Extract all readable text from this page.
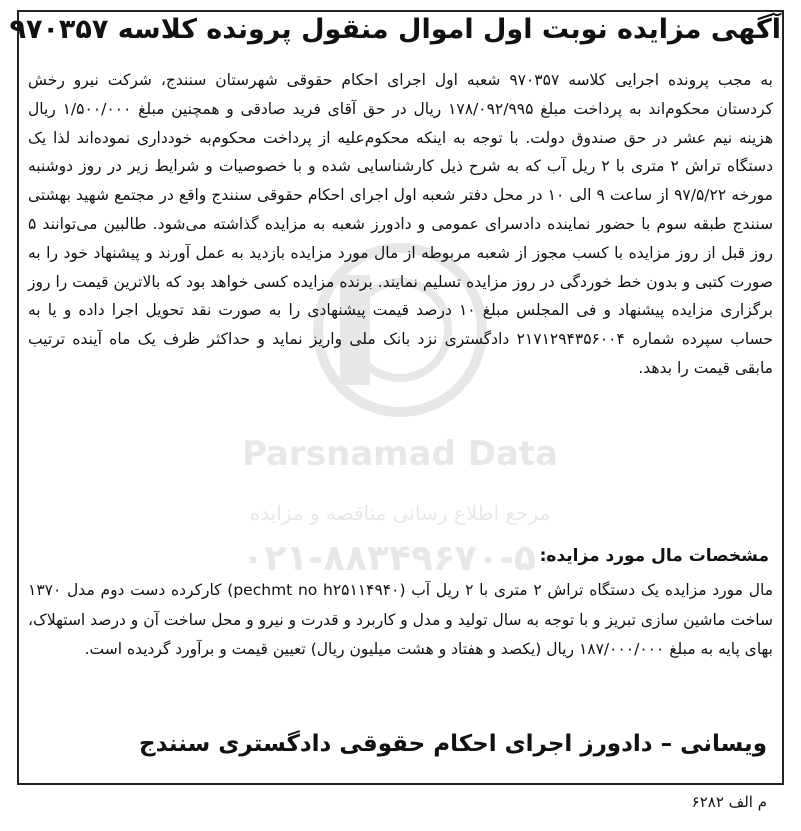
Parsnamad Data
مرجع اطلاع رسانی مناقصه و مزایده
۰۲۱-۸۸۳۴۹۶۷۰-۵۰
آگهی مزایده نوبت اول اموال منقول پرونده کلاسه ۹۷۰۳۵۷

به مجب پرونده اجرایی کلاسه ۹۷۰۳۵۷ شعبه اول اجرای احکام حقوقی شهرستان سنندج، شرکت نیرو رخش کردستان محکوم‌اند به پرداخت مبلغ ۱۷۸/۰۹۲/۹۹۵ ریال در حق آقای فرید صادقی و همچنین مبلغ ۱/۵۰۰/۰۰۰ ریال هزینه نیم عشر در حق صندوق دولت. با توجه به اینکه محکوم‌علیه از پرداخت محکوم‌به خودداری نموده‌اند لذا یک دستگاه تراش ۲ متری با ۲ ریل آب که به شرح ذیل کارشناسایی شده و با خصوصیات و شرایط زیر در روز دوشنبه مورخه ۹۷/۵/۲۲ از ساعت ۹ الی ۱۰ در محل دفتر شعبه اول اجرای احکام حقوقی سنندج واقع در مجتمع شهید بهشتی سنندج طبقه سوم با حضور نماینده دادسرای عمومی و دادورز شعبه به مزایده گذاشته می‌شود. طالبین می‌توانند ۵ روز قبل از روز مزایده با کسب مجوز از شعبه مربوطه از مال مورد مزایده بازدید به عمل آورند و پیشنهاد خود را به صورت کتبی و بدون خط خوردگی در روز مزایده تسلیم نمایند. برنده مزایده کسی خواهد بود که بالاترین قیمت را روز برگزاری مزایده پیشنهاد و فی المجلس مبلغ ۱۰ درصد قیمت پیشنهادی را به صورت نقد تحویل اجرا داده و یا به حساب سپرده شماره ۲۱۷۱۲۹۴۳۵۶۰۰۴ دادگستری نزد بانک ملی واریز نماید و حداکثر ظرف یک ماه آینده ترتیب مابقی قیمت را بدهد.

مشخصات مال مورد مزایده:

مال مورد مزایده یک دستگاه تراش ۲ متری با ۲ ریل آب (pechmt no h۲۵۱۱۴۹۴۰) کارکرده دست دوم مدل ۱۳۷۰ ساخت ماشین سازی تبریز و با توجه به سال تولید و مدل و کاربرد و قدرت و نیرو و محل ساخت آن و درصد استهلاک، بهای پایه به مبلغ ۱۸۷/۰۰۰/۰۰۰ ریال (یکصد و هفتاد و هشت میلیون ریال) تعیین قیمت و برآورد گردیده است.

ویسانی – دادورز اجرای احکام حقوقی دادگستری سنندج

م الف ۶۲۸۲
